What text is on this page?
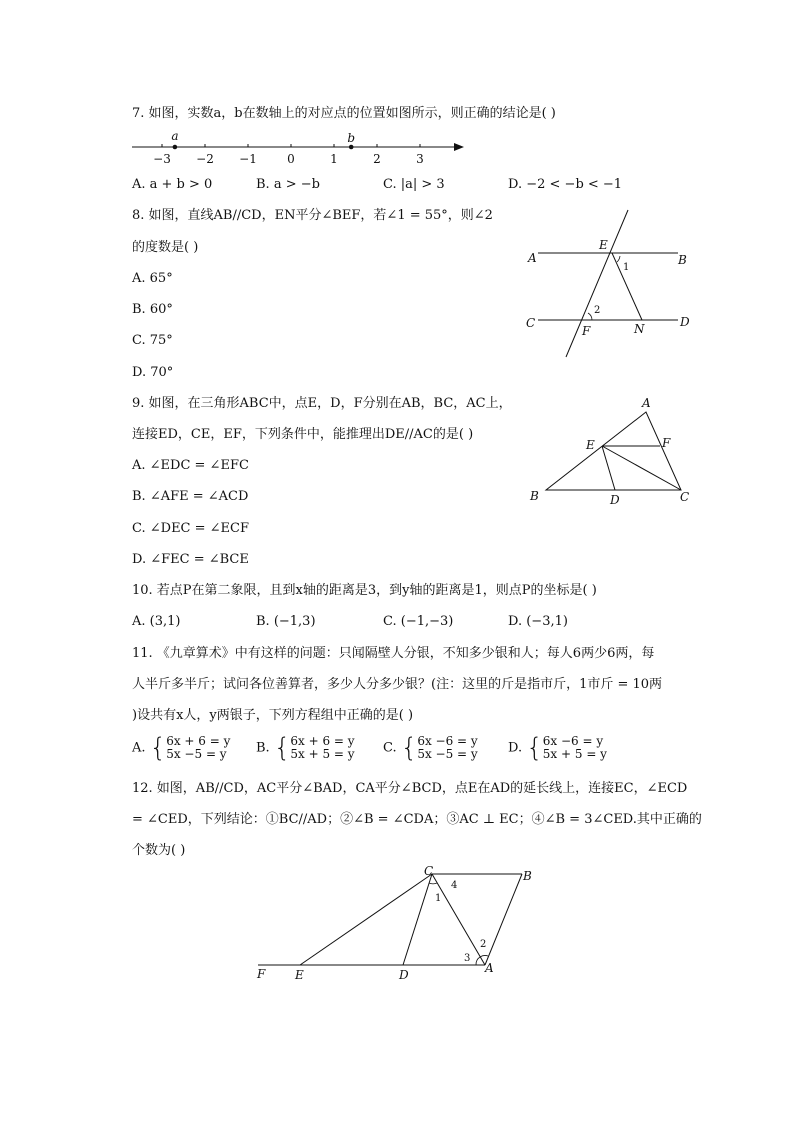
7. 如图，实数a，b在数轴上的对应点的位置如图所示，则正确的结论是( )
−3 −2 −1	0	1	2	3
a	b
A. a + b > 0	B. a > −b	C. |a| > 3	D. −2 < −b < −1
8. 如图，直线AB//CD，EN平分∠BEF，若∠1 = 55°，则∠2
的度数是( )
A. 65°
B. 60°
C. 75°
D. 70°
A	B
C	D
E
F	N
1
2
9. 如图，在三角形ABC中，点E，D，F分别在AB，BC，AC上，
连接ED，CE，EF，下列条件中，能推理出DE//AC的是( )
A. ∠EDC = ∠EFC
B. ∠AFE = ∠ACD
C. ∠DEC = ∠ECF
D. ∠FEC = ∠BCE
A
B	C
D
E	F
10. 若点P在第二象限，且到x轴的距离是3，到y轴的距离是1，则点P的坐标是( )
A. (3,1)	B. (−1,3)	C. (−1,−3)	D. (−3,1)
11. 《九章算术》中有这样的问题：只闻隔壁人分银，不知多少银和人；每人6两少6两，每
人半斤多半斤；试问各位善算者，多少人分多少银？(注：这里的斤是指市斤，1市斤 = 10两
)设共有x人，y两银子，下列方程组中正确的是( )
A. {6x + 6 = y
5x −5 = y B. {6x + 6 = y
5x + 5 = y C. {6x −6 = y
5x −5 = y D. {6x −6 = y
5x + 5 = y
12. 如图，AB//CD，AC平分∠BAD，CA平分∠BCD，点E在AD的延长线上，连接EC，∠ECD
= ∠CED，下列结论：①BC//AD；②∠B = ∠CDA；③AC ⊥ EC；④∠B = 3∠CED.其中正确的
个数为( )
C	B
A
D
E
F
1
2
3
4
